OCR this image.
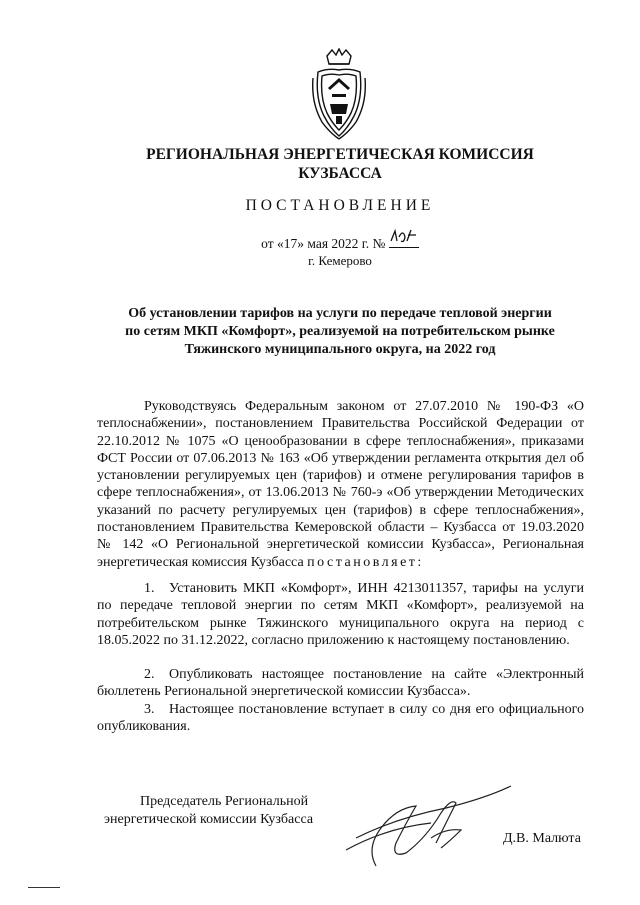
РЕГИОНАЛЬНАЯ ЭНЕРГЕТИЧЕСКАЯ КОМИССИЯ
КУЗБАССА
ПОСТАНОВЛЕНИЕ
от «17» мая 2022 г. №
г. Кемерово
Об установлении тарифов на услуги по передаче тепловой энергии
по сетям МКП «Комфорт», реализуемой на потребительском рынке
Тяжинского муниципального округа, на 2022 год

Руководствуясь Федеральным законом от 27.07.2010 № 190-ФЗ «О теплоснабжении», постановлением Правительства Российской Федерации от 22.10.2012 № 1075 «О ценообразовании в сфере теплоснабжения», приказами ФСТ России от 07.06.2013 № 163 «Об утверждении регламента открытия дел об установлении регулируемых цен (тарифов) и отмене регулирования тарифов в сфере теплоснабжения», от 13.06.2013 № 760-э «Об утверждении Методических указаний по расчету регулируемых цен (тарифов) в сфере теплоснабжения», постановлением Правительства Кемеровской области – Кузбасса от 19.03.2020 № 142 «О Региональной энергетической комиссии Кузбасса», Региональная энергетическая комиссия Кузбасса постановляет:

1. Установить МКП «Комфорт», ИНН 4213011357, тарифы на услуги по передаче тепловой энергии по сетям МКП «Комфорт», реализуемой на потребительском рынке Тяжинского муниципального округа на период с 18.05.2022 по 31.12.2022, согласно приложению к настоящему постановлению.

2. Опубликовать настоящее постановление на сайте «Электронный бюллетень Региональной энергетической комиссии Кузбасса».

3. Настоящее постановление вступает в силу со дня его официального опубликования.

Председатель Региональной
энергетической комиссии Кузбасса
Д.В. Малюта
